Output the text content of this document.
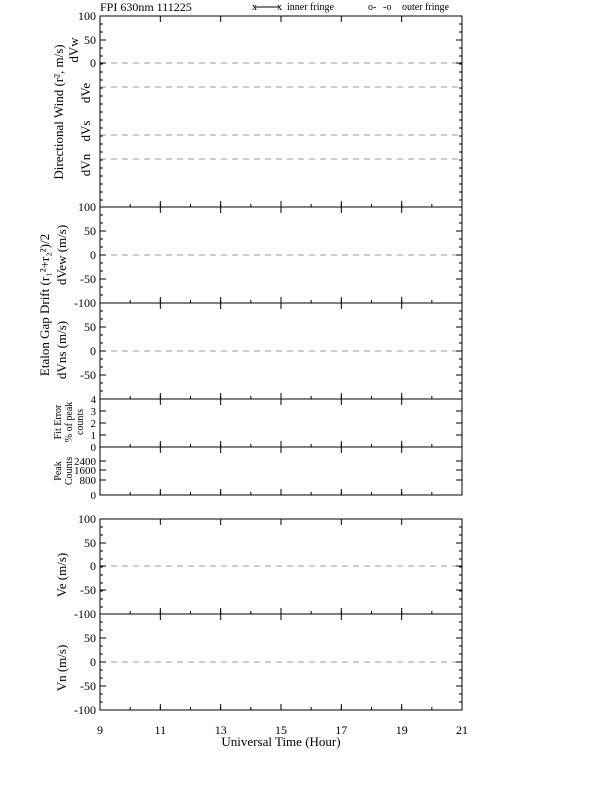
FPI 630nm 111225	x x inner fringe	o- -o outer fringe
100
50
0
100
50
0
-50
-100
50
0
-50
4
3
2
1
0
2400
1600
800
0
100
50
0
-50
-100
50
0
-50
-100
9	11	13	15	17	19	21
Universal Time (Hour)
Directional Wind (r², m/s) dVw
dVe
dVs
dVn
Etalon Gap Drift (r₁²+r₂²)/2 dVew (m/s)
dVns (m/s)
Fit Error % of peak counts
Peak Counts
Ve (m/s)
Vn (m/s)
